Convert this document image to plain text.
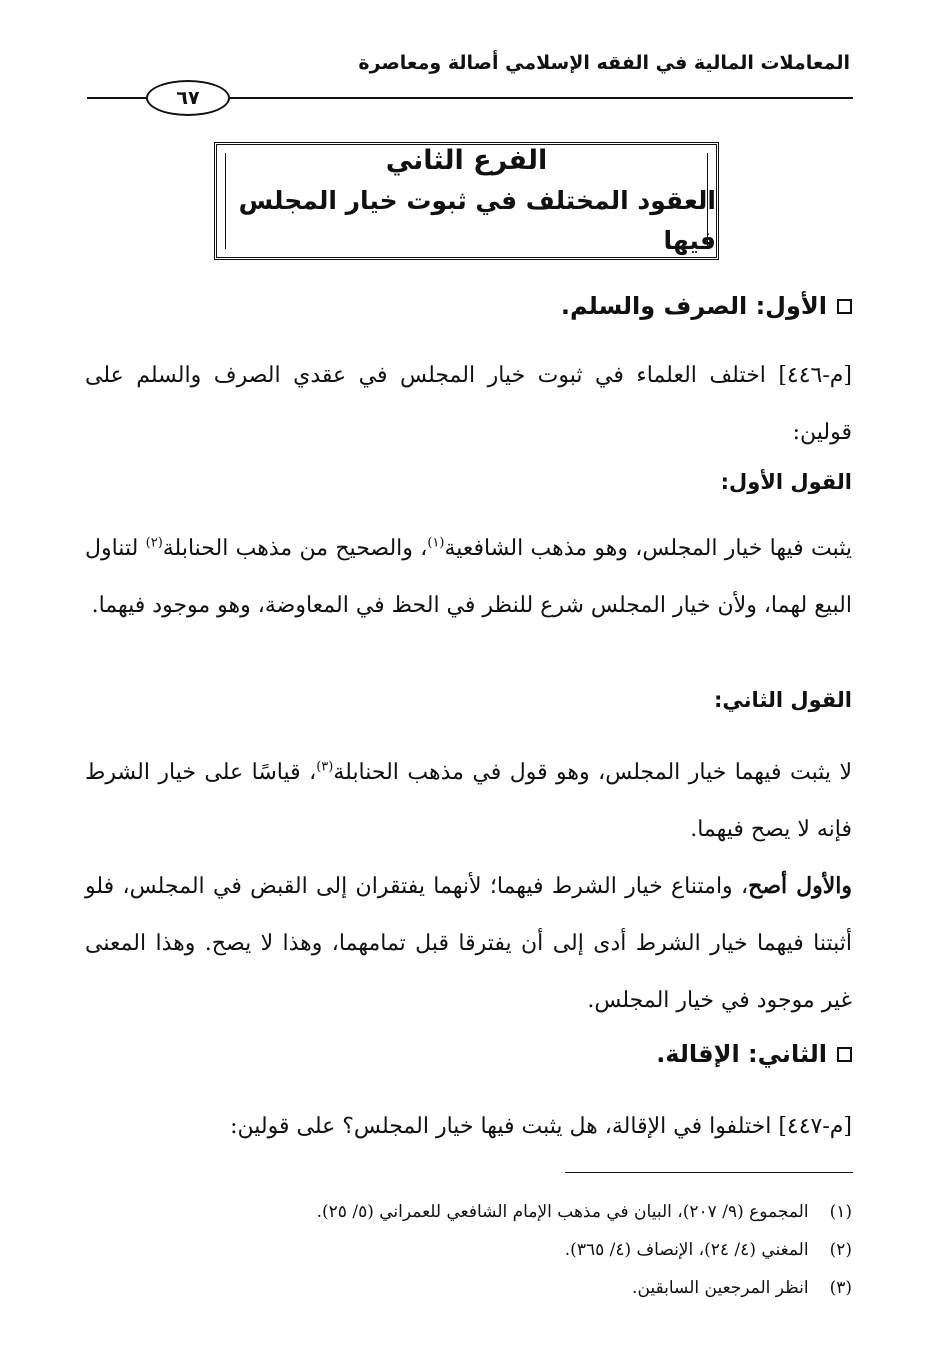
المعاملات المالية في الفقه الإسلامي أصالة ومعاصرة
٦٧
الفرع الثاني
العقود المختلف في ثبوت خيار المجلس فيها
الأول: الصرف والسلم.

[م-٤٤٦] اختلف العلماء في ثبوت خيار المجلس في عقدي الصرف والسلم على قولين:

القول الأول:

يثبت فيها خيار المجلس، وهو مذهب الشافعية$^{(١)}$، والصحيح من مذهب الحنابلة$^{(٢)}$ لتناول البيع لهما، ولأن خيار المجلس شرع للنظر في الحظ في المعاوضة، وهو موجود فيهما.

القول الثاني:

لا يثبت فيهما خيار المجلس، وهو قول في مذهب الحنابلة$^{(٣)}$، قياسًا على خيار الشرط فإنه لا يصح فيهما.

والأول أصح، وامتناع خيار الشرط فيهما؛ لأنهما يفتقران إلى القبض في المجلس، فلو أثبتنا فيهما خيار الشرط أدى إلى أن يفترقا قبل تمامهما، وهذا لا يصح. وهذا المعنى غير موجود في خيار المجلس.

الثاني: الإقالة.

[م-٤٤٧] اختلفوا في الإقالة، هل يثبت فيها خيار المجلس؟ على قولين:

(١) المجموع (٩/ ٢٠٧)، البيان في مذهب الإمام الشافعي للعمراني (٥/ ٢٥).
(٢) المغني (٤/ ٢٤)، الإنصاف (٤/ ٣٦٥).
(٣) انظر المرجعين السابقين.
